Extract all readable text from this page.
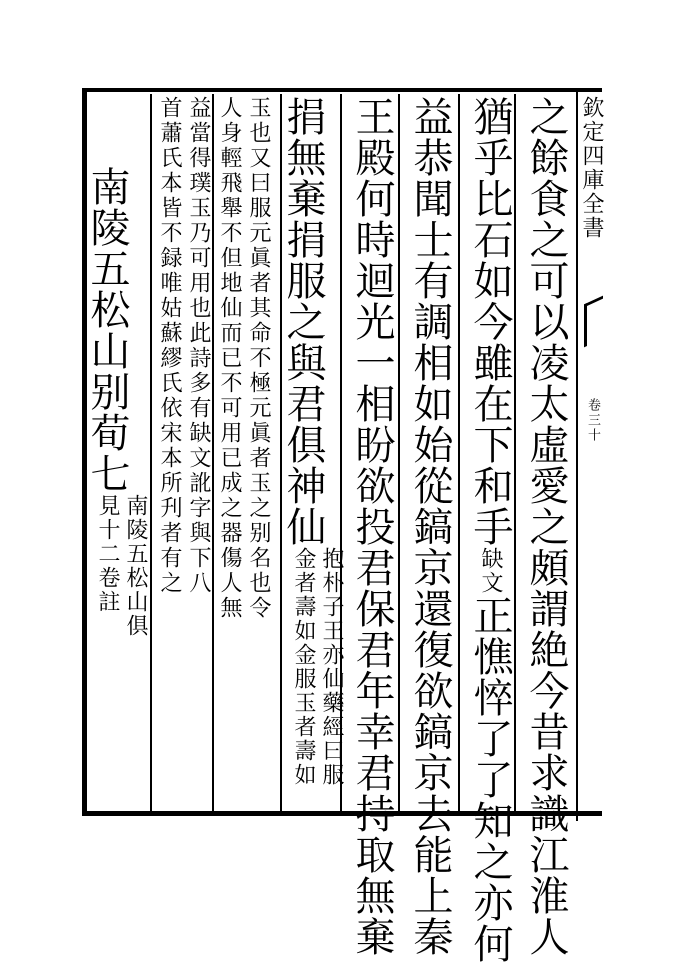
欽定四庫全書
卷三十
之餘食之可以凌太虛愛之頗謂絶今昔求識江淮人
猶乎比石如今雖在下和手缺文正憔悴了了知之亦何
益恭聞士有調相如始從鎬京還復欲鎬京去能上秦
王殿何時迴光一相盼欲投君保君年幸君持取無棄
捐無棄捐服之與君俱神仙
抱朴子王亦仙藥經曰服
金者壽如金服玉者壽如
玉也又曰服元眞者其命不極元眞者玉之别名也令
人身輕飛舉不但地仙而已不可用已成之器傷人無
益當得璞玉乃可用也此詩多有缺文訛字與下八
首蕭氏本皆不録唯姑蘇繆氏依宋本所刋者有之
南陵五松山别荀七
南陵五松山俱
見十二卷註
